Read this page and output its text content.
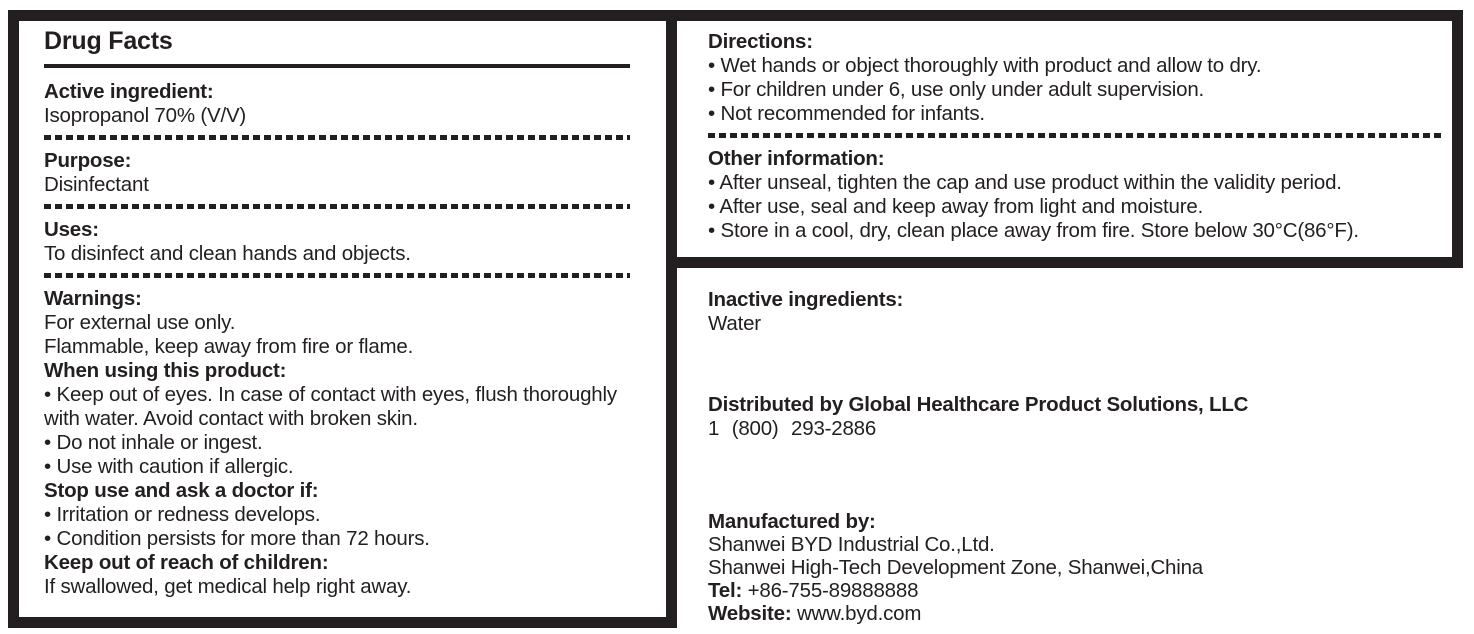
Drug Facts
Active ingredient:
Isopropanol 70% (V/V)
Purpose:
Disinfectant
Uses:
To disinfect and clean hands and objects.
Warnings:
For external use only.
Flammable, keep away from fire or flame.
When using this product:
• Keep out of eyes. In case of contact with eyes, flush thoroughly with water. Avoid contact with broken skin.
• Do not inhale or ingest.
• Use with caution if allergic.
Stop use and ask a doctor if:
• Irritation or redness develops.
• Condition persists for more than 72 hours.
Keep out of reach of children:
If swallowed, get medical help right away.
Directions:
• Wet hands or object thoroughly with product and allow to dry.
• For children under 6, use only under adult supervision.
• Not recommended for infants.
Other information:
• After unseal, tighten the cap and use product within the validity period.
• After use, seal and keep away from light and moisture.
• Store in a cool, dry, clean place away from fire. Store below 30°C(86°F).
Inactive ingredients:
Water
Distributed by Global Healthcare Product Solutions, LLC
1 (800) 293-2886
Manufactured by:
Shanwei BYD Industrial Co.,Ltd.
Shanwei High-Tech Development Zone, Shanwei,China
Tel: +86-755-89888888
Website: www.byd.com
